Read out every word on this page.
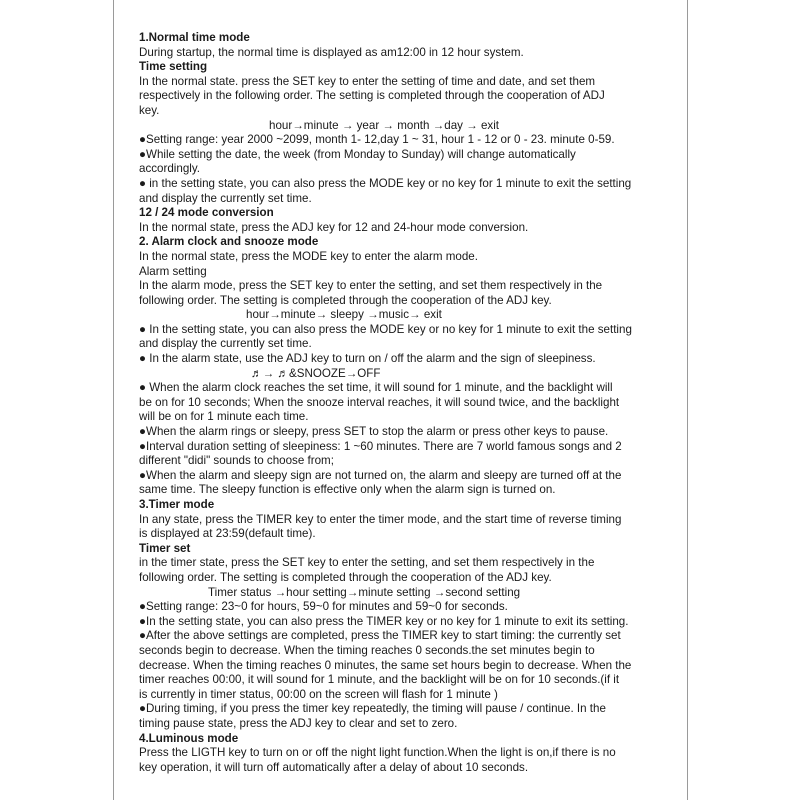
1.Normal time mode
During startup, the normal time is displayed as am12:00 in 12 hour system.
Time setting
In the normal state. press the SET key to enter the setting of time and date, and set them
respectively in the following order. The setting is completed through the cooperation of ADJ
key.
hour→minute → year → month →day → exit
●Setting range: year 2000 ~2099, month 1- 12,day 1 ~ 31, hour 1 - 12 or 0 - 23. minute 0-59.
●While setting the date, the week (from Monday to Sunday) will change automatically
accordingly.
● in the setting state, you can also press the MODE key or no key for 1 minute to exit the setting
and display the currently set time.
12 / 24 mode conversion
In the normal state, press the ADJ key for 12 and 24-hour mode conversion.
2. Alarm clock and snooze mode
In the normal state, press the MODE key to enter the alarm mode.
Alarm setting
In the alarm mode, press the SET key to enter the setting, and set them respectively in the
following order. The setting is completed through the cooperation of the ADJ key.
hour→minute→ sleepy →music→ exit
● In the setting state, you can also press the MODE key or no key for 1 minute to exit the setting
and display the currently set time.
● In the alarm state, use the ADJ key to turn on / off the alarm and the sign of sleepiness.
♬→ ♬&SNOOZE→OFF
● When the alarm clock reaches the set time, it will sound for 1 minute, and the backlight will
be on for 10 seconds; When the snooze interval reaches, it will sound twice, and the backlight
will be on for 1 minute each time.
●When the alarm rings or sleepy, press SET to stop the alarm or press other keys to pause.
●Interval duration setting of sleepiness: 1 ~60 minutes. There are 7 world famous songs and 2
different "didi" sounds to choose from;
●When the alarm and sleepy sign are not turned on, the alarm and sleepy are turned off at the
same time. The sleepy function is effective only when the alarm sign is turned on.
3.Timer mode
In any state, press the TIMER key to enter the timer mode, and the start time of reverse timing
is displayed at 23:59(default time).
Timer set
in the timer state, press the SET key to enter the setting, and set them respectively in the
following order. The setting is completed through the cooperation of the ADJ key.
Timer status →hour setting→minute setting →second setting
●Setting range: 23~0 for hours, 59~0 for minutes and 59~0 for seconds.
●In the setting state, you can also press the TIMER key or no key for 1 minute to exit its setting.
●After the above settings are completed, press the TIMER key to start timing: the currently set
seconds begin to decrease. When the timing reaches 0 seconds.the set minutes begin to
decrease. When the timing reaches 0 minutes, the same set hours begin to decrease. When the
timer reaches 00:00, it will sound for 1 minute, and the backlight will be on for 10 seconds.(if it
is currently in timer status, 00:00 on the screen will flash for 1 minute )
●During timing, if you press the timer key repeatedly, the timing will pause / continue. In the
timing pause state, press the ADJ key to clear and set to zero.
4.Luminous mode
Press the LIGTH key to turn on or off the night light function.When the light is on,if there is no
key operation, it will turn off automatically after a delay of about 10 seconds.
